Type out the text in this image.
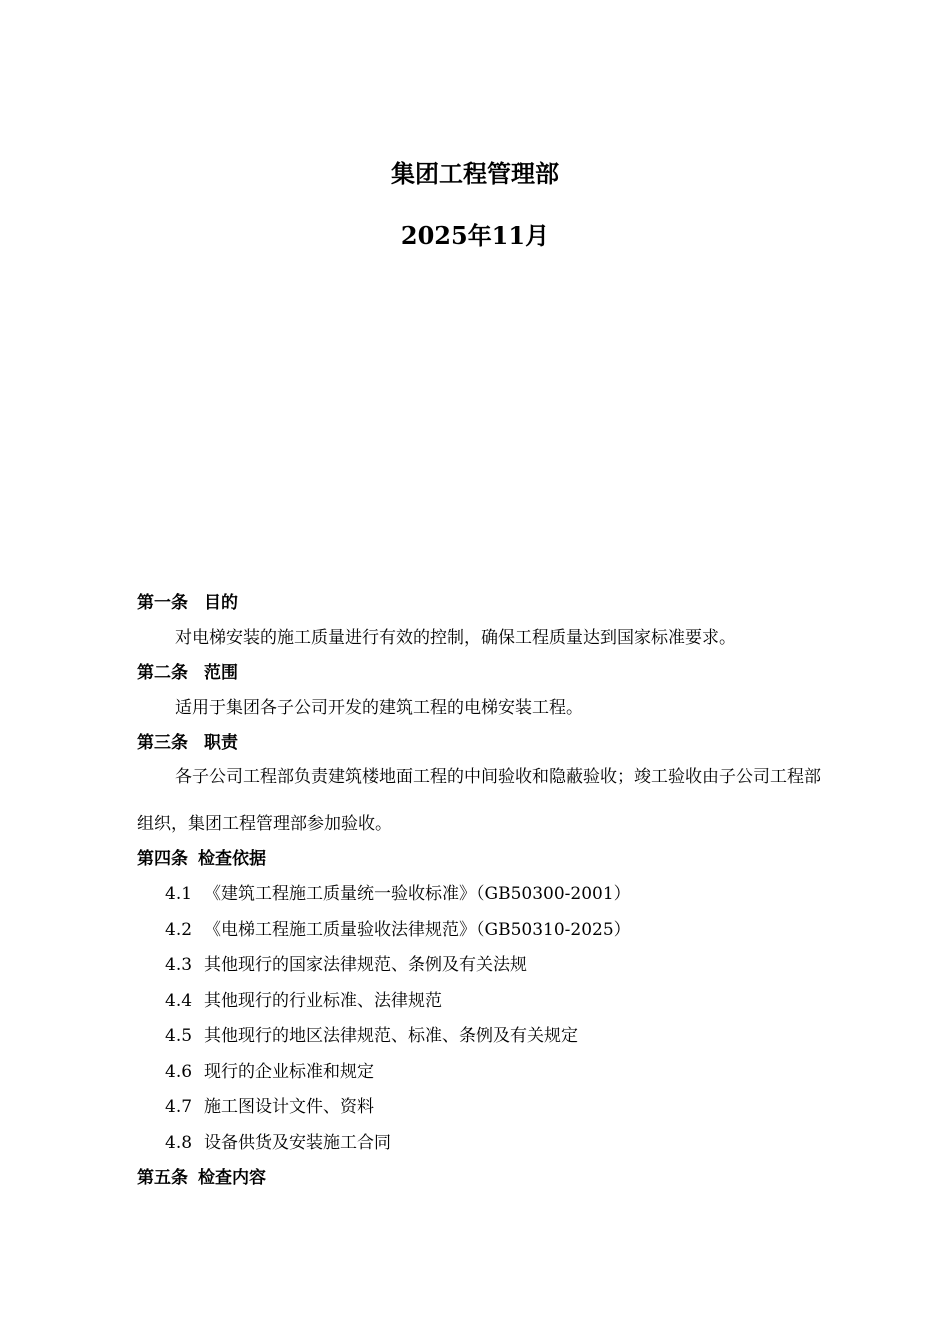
集团工程管理部
2025年11月
第一条 目的
对电梯安装的施工质量进行有效的控制，确保工程质量达到国家标准要求。
第二条 范围
适用于集团各子公司开发的建筑工程的电梯安装工程。
第三条 职责
各子公司工程部负责建筑楼地面工程的中间验收和隐蔽验收；竣工验收由子公司工程部组织，集团工程管理部参加验收。
第四条 检查依据
4.1 《建筑工程施工质量统一验收标准》（GB50300-2001）
4.2 《电梯工程施工质量验收法律规范》（GB50310-2025）
4.3 其他现行的国家法律规范、条例及有关法规
4.4 其他现行的行业标准、法律规范
4.5 其他现行的地区法律规范、标准、条例及有关规定
4.6 现行的企业标准和规定
4.7 施工图设计文件、资料
4.8 设备供货及安装施工合同
第五条 检查内容
